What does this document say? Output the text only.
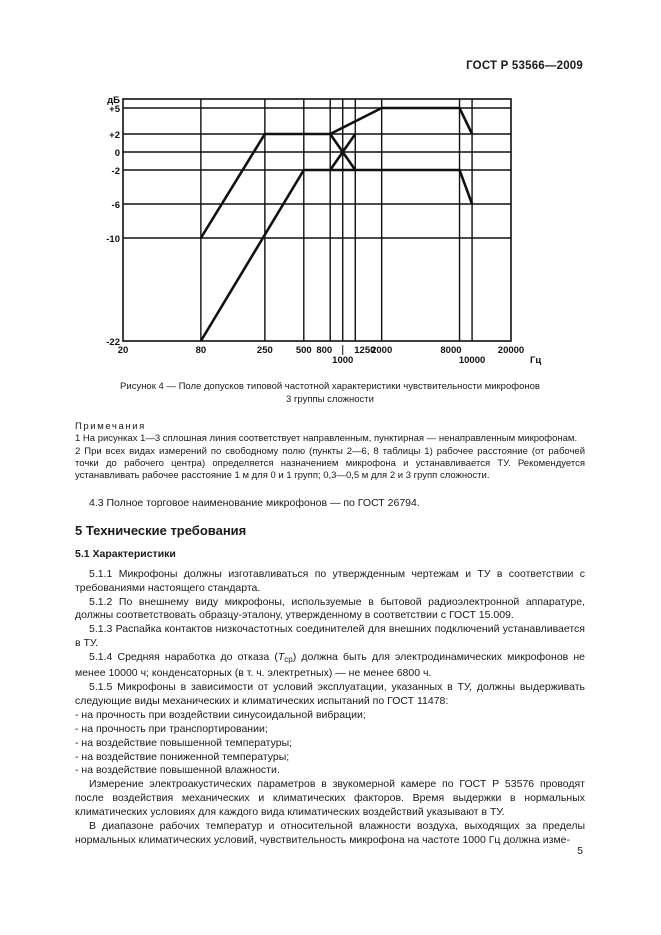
ГОСТ Р 53566—2009
дБ
+5
+2
0
-2
-6
-10
-22
20	80	250 500 800 1250
2000	8000	20000
1000	10000	Гц
Рисунок 4 — Поле допусков типовой частотной характеристики чувствительности микрофонов
3 группы сложности

Примечания

1 На рисунках 1—3 сплошная линия соответствует направленным, пунктирная — ненаправленным микрофонам.

2 При всех видах измерений по свободному полю (пункты 2—6, 8 таблицы 1) рабочее расстояние (от рабочей точки до рабочего центра) определяется назначением микрофона и устанавливается ТУ. Рекомендуется устанавливать рабочее расстояние 1 м для 0 и 1 групп; 0,3—0,5 м для 2 и 3 групп сложности.

4.3 Полное торговое наименование микрофонов — по ГОСТ 26794.

5 Технические требования

5.1 Характеристики

5.1.1 Микрофоны должны изготавливаться по утвержденным чертежам и ТУ в соответствии с требованиями настоящего стандарта.

5.1.2 По внешнему виду микрофоны, используемые в бытовой радиоэлектронной аппаратуре, должны соответствовать образцу-эталону, утвержденному в соответствии с ГОСТ 15.009.

5.1.3 Распайка контактов низкочастотных соединителей для внешних подключений устанавливается в ТУ.

5.1.4 Средняя наработка до отказа $(T_{ср})$ должна быть для электродинамических микрофонов не менее 10000 ч; конденсаторных (в т. ч. электретных) — не менее 6800 ч.

5.1.5 Микрофоны в зависимости от условий эксплуатации, указанных в ТУ, должны выдерживать следующие виды механических и климатических испытаний по ГОСТ 11478:

- на прочность при воздействии синусоидальной вибрации;

- на прочность при транспортировании;

- на воздействие повышенной температуры;

- на воздействие пониженной температуры;

- на воздействие повышенной влажности.

Измерение электроакустических параметров в звукомерной камере по ГОСТ Р 53576 проводят после воздействия механических и климатических факторов. Время выдержки в нормальных климатических условиях для каждого вида климатических воздействий указывают в ТУ.

В диапазоне рабочих температур и относительной влажности воздуха, выходящих за пределы нормальных климатических условий, чувствительность микрофона на частоте 1000 Гц должна изме-

5
